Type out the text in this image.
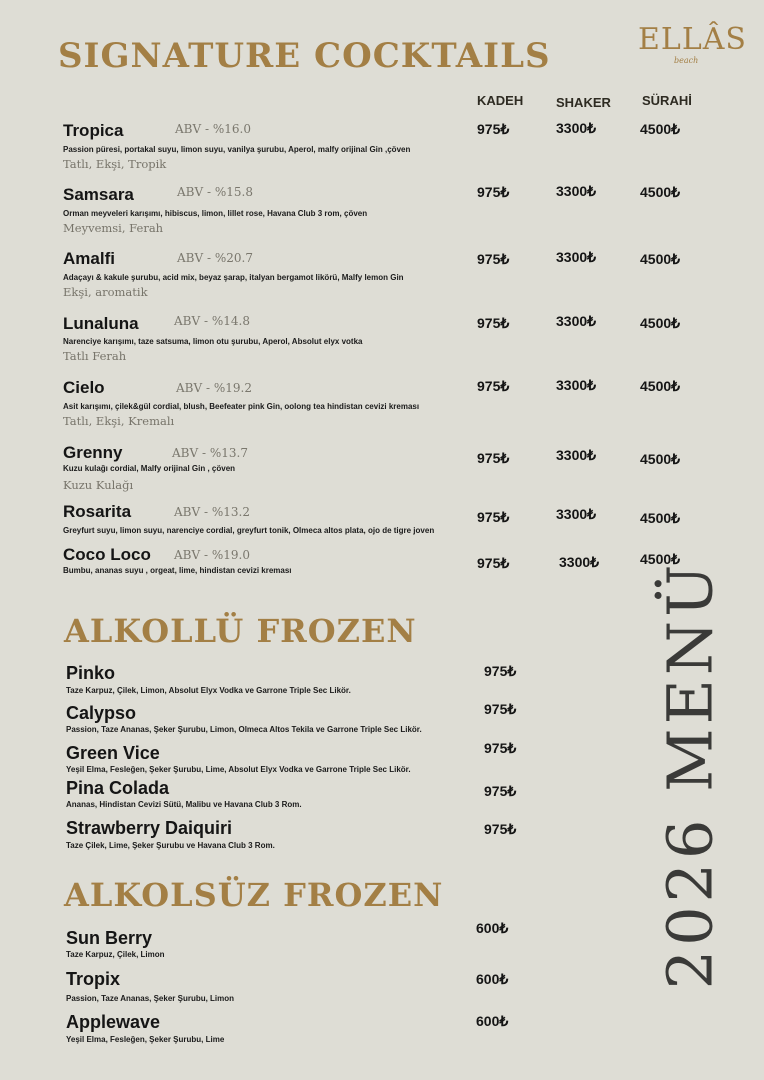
SIGNATURE COCKTAILS	ELLÂS
beach
KADEH	SHAKER SÜRAHİ
Tropica	ABV - %16.0
Passion püresi, portakal suyu, limon suyu, vanilya şurubu, Aperol, malfy orijinal Gin ,çöven
Tatlı, Ekşi, Tropik
975₺	3300₺	4500₺
Samsara	ABV - %15.8
Orman meyveleri karışımı, hibiscus, limon, lillet rose, Havana Club 3 rom, çöven
Meyvemsi, Ferah
975₺	3300₺	4500₺
Amalfi	ABV - %20.7
Adaçayı & kakule şurubu, acid mix, beyaz şarap, italyan bergamot likörü, Malfy lemon Gin
Ekşi, aromatik
975₺	3300₺	4500₺
Lunaluna	ABV - %14.8
Narenciye karışımı, taze satsuma, limon otu şurubu, Aperol, Absolut elyx votka
Tatlı Ferah
975₺	3300₺	4500₺
Cielo	ABV - %19.2
Asit karışımı, çilek&gül cordial, blush, Beefeater pink Gin, oolong tea hindistan cevizi kreması
Tatlı, Ekşi, Kremalı
975₺	3300₺	4500₺
Grenny	ABV - %13.7
Kuzu kulağı cordial, Malfy orijinal Gin , çöven
Kuzu Kulağı
975₺	3300₺	4500₺
Rosarita	ABV - %13.2
Greyfurt suyu, limon suyu, narenciye cordial, greyfurt tonik, Olmeca altos plata, ojo de tigre joven
975₺	3300₺	4500₺
Coco Loco ABV - %19.0
Bumbu, ananas suyu , orgeat, lime, hindistan cevizi kreması	975₺	3300₺	4500₺
ALKOLLÜ FROZEN
Pinko
Taze Karpuz, Çilek, Limon, Absolut Elyx Vodka ve Garrone Triple Sec Likör.
975₺
Calypso
Passion, Taze Ananas, Şeker Şurubu, Limon, Olmeca Altos Tekila ve Garrone Triple Sec Likör.
975₺
Green Vice
Yeşil Elma, Fesleğen, Şeker Şurubu, Lime, Absolut Elyx Vodka ve Garrone Triple Sec Likör.
975₺
Pina Colada
Ananas, Hindistan Cevizi Sütü, Malibu ve Havana Club 3 Rom.
975₺
Strawberry Daiquiri
Taze Çilek, Lime, Şeker Şurubu ve Havana Club 3 Rom.
975₺
ALKOLSÜZ FROZEN
Sun Berry
Taze Karpuz, Çilek, Limon
600₺
Tropix
Passion, Taze Ananas, Şeker Şurubu, Limon
600₺
Applewave
Yeşil Elma, Fesleğen, Şeker Şurubu, Lime
600₺
2026 MENÜ
